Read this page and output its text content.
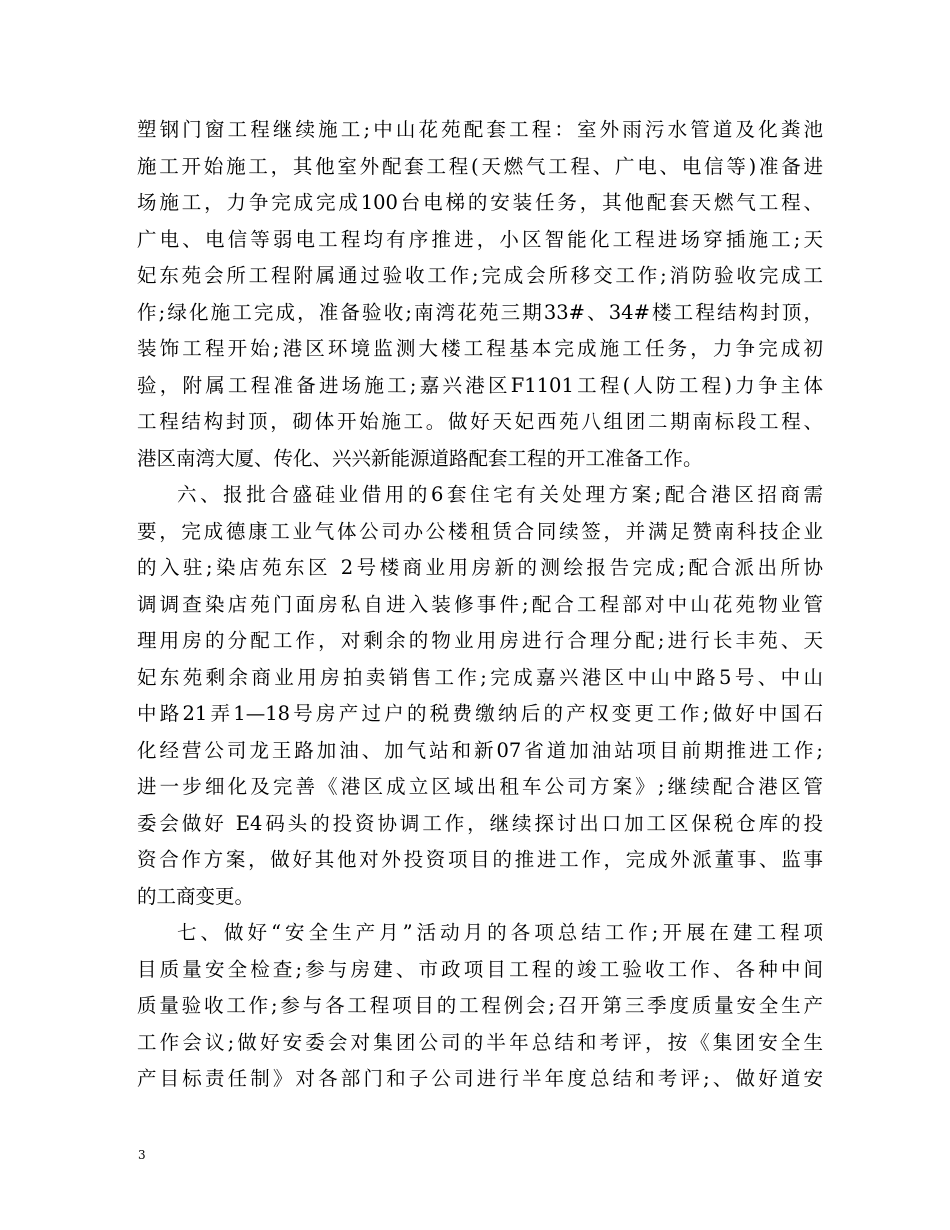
塑钢门窗工程继续施工;中山花苑配套工程：室外雨污水管道及化粪池
施工开始施工，其他室外配套工程(天燃气工程、广电、电信等)准备进
场施工，力争完成完成100台电梯的安装任务，其他配套天燃气工程、
广电、电信等弱电工程均有序推进，小区智能化工程进场穿插施工;天
妃东苑会所工程附属通过验收工作;完成会所移交工作;消防验收完成工
作;绿化施工完成，准备验收;南湾花苑三期33#、34#楼工程结构封顶，
装饰工程开始;港区环境监测大楼工程基本完成施工任务，力争完成初
验，附属工程准备进场施工;嘉兴港区F1101工程(人防工程)力争主体
工程结构封顶，砌体开始施工。做好天妃西苑八组团二期南标段工程、
港区南湾大厦、传化、兴兴新能源道路配套工程的开工准备工作。
六、报批合盛硅业借用的6套住宅有关处理方案;配合港区招商需
要，完成德康工业气体公司办公楼租赁合同续签，并满足赞南科技企业
的入驻;染店苑东区 2号楼商业用房新的测绘报告完成;配合派出所协
调调查染店苑门面房私自进入装修事件;配合工程部对中山花苑物业管
理用房的分配工作，对剩余的物业用房进行合理分配;进行长丰苑、天
妃东苑剩余商业用房拍卖销售工作;完成嘉兴港区中山中路5号、中山
中路21弄1—18号房产过户的税费缴纳后的产权变更工作;做好中国石
化经营公司龙王路加油、加气站和新07省道加油站项目前期推进工作;
进一步细化及完善《港区成立区域出租车公司方案》;继续配合港区管
委会做好 E4码头的投资协调工作，继续探讨出口加工区保税仓库的投
资合作方案，做好其他对外投资项目的推进工作，完成外派董事、监事
的工商变更。
七、做好“安全生产月”活动月的各项总结工作;开展在建工程项
目质量安全检查;参与房建、市政项目工程的竣工验收工作、各种中间
质量验收工作;参与各工程项目的工程例会;召开第三季度质量安全生产
工作会议;做好安委会对集团公司的半年总结和考评，按《集团安全生
产目标责任制》对各部门和子公司进行半年度总结和考评;、做好道安
3
